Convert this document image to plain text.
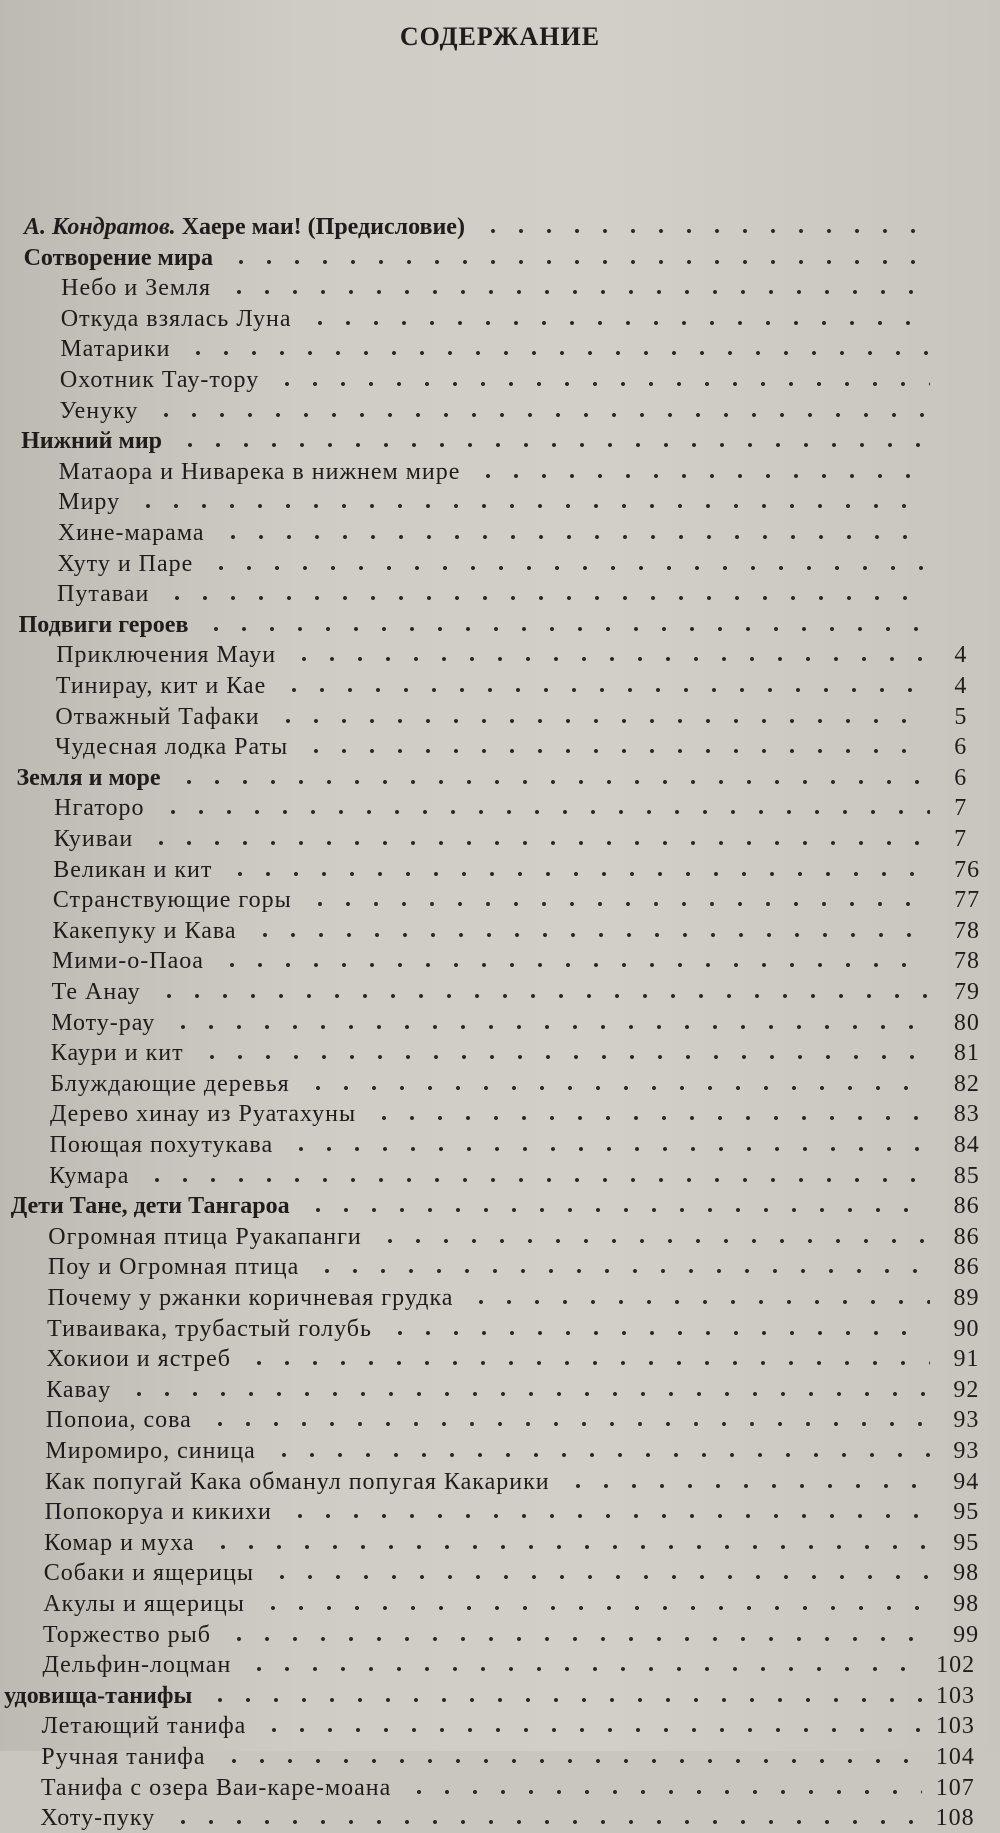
СОДЕРЖАНИЕ
А. Кондратов. Хаере маи! (Предисловие)
Сотворение мира
Небо и Земля
Откуда взялась Луна
Матарики
Охотник Тау-тору
Уенуку
Нижний мир
Матаора и Ниварека в нижнем мире
Миру
Хине-марама
Хуту и Паре
Путаваи
Подвиги героев
Приключения Мауи	4
Тинирау, кит и Кае	4
Отважный Тафаки	5
Чудесная лодка Раты	6
Земля и море	6
Нгаторо	7
Куиваи	7
Великан и кит	76
Странствующие горы	77
Какепуку и Кава	78
Мими-о-Паоа	78
Те Анау	79
Моту-рау	80
Каури и кит	81
Блуждающие деревья	82
Дерево хинау из Руатахуны	83
Поющая похутукава	84
Кумара	85
Дети Тане, дети Тангароа	86
Огромная птица Руакапанги	86
Поу и Огромная птица	86
Почему у ржанки коричневая грудка	89
Тиваивака, трубастый голубь	90
Хокиои и ястреб	91
Каваy	92
Попоиа, сова	93
Миромиро, синица	93
Как попугай Кака обманул попугая Какарики	94
Попокоруа и кикихи	95
Комар и муха	95
Собаки и ящерицы	98
Акулы и ящерицы	98
Торжество рыб	99
Дельфин-лоцман	102
удовища-танифы	103
Летающий танифа	103
Ручная танифа	104
Танифа с озера Ваи-каре-моана	107
Хоту-пуку	108
